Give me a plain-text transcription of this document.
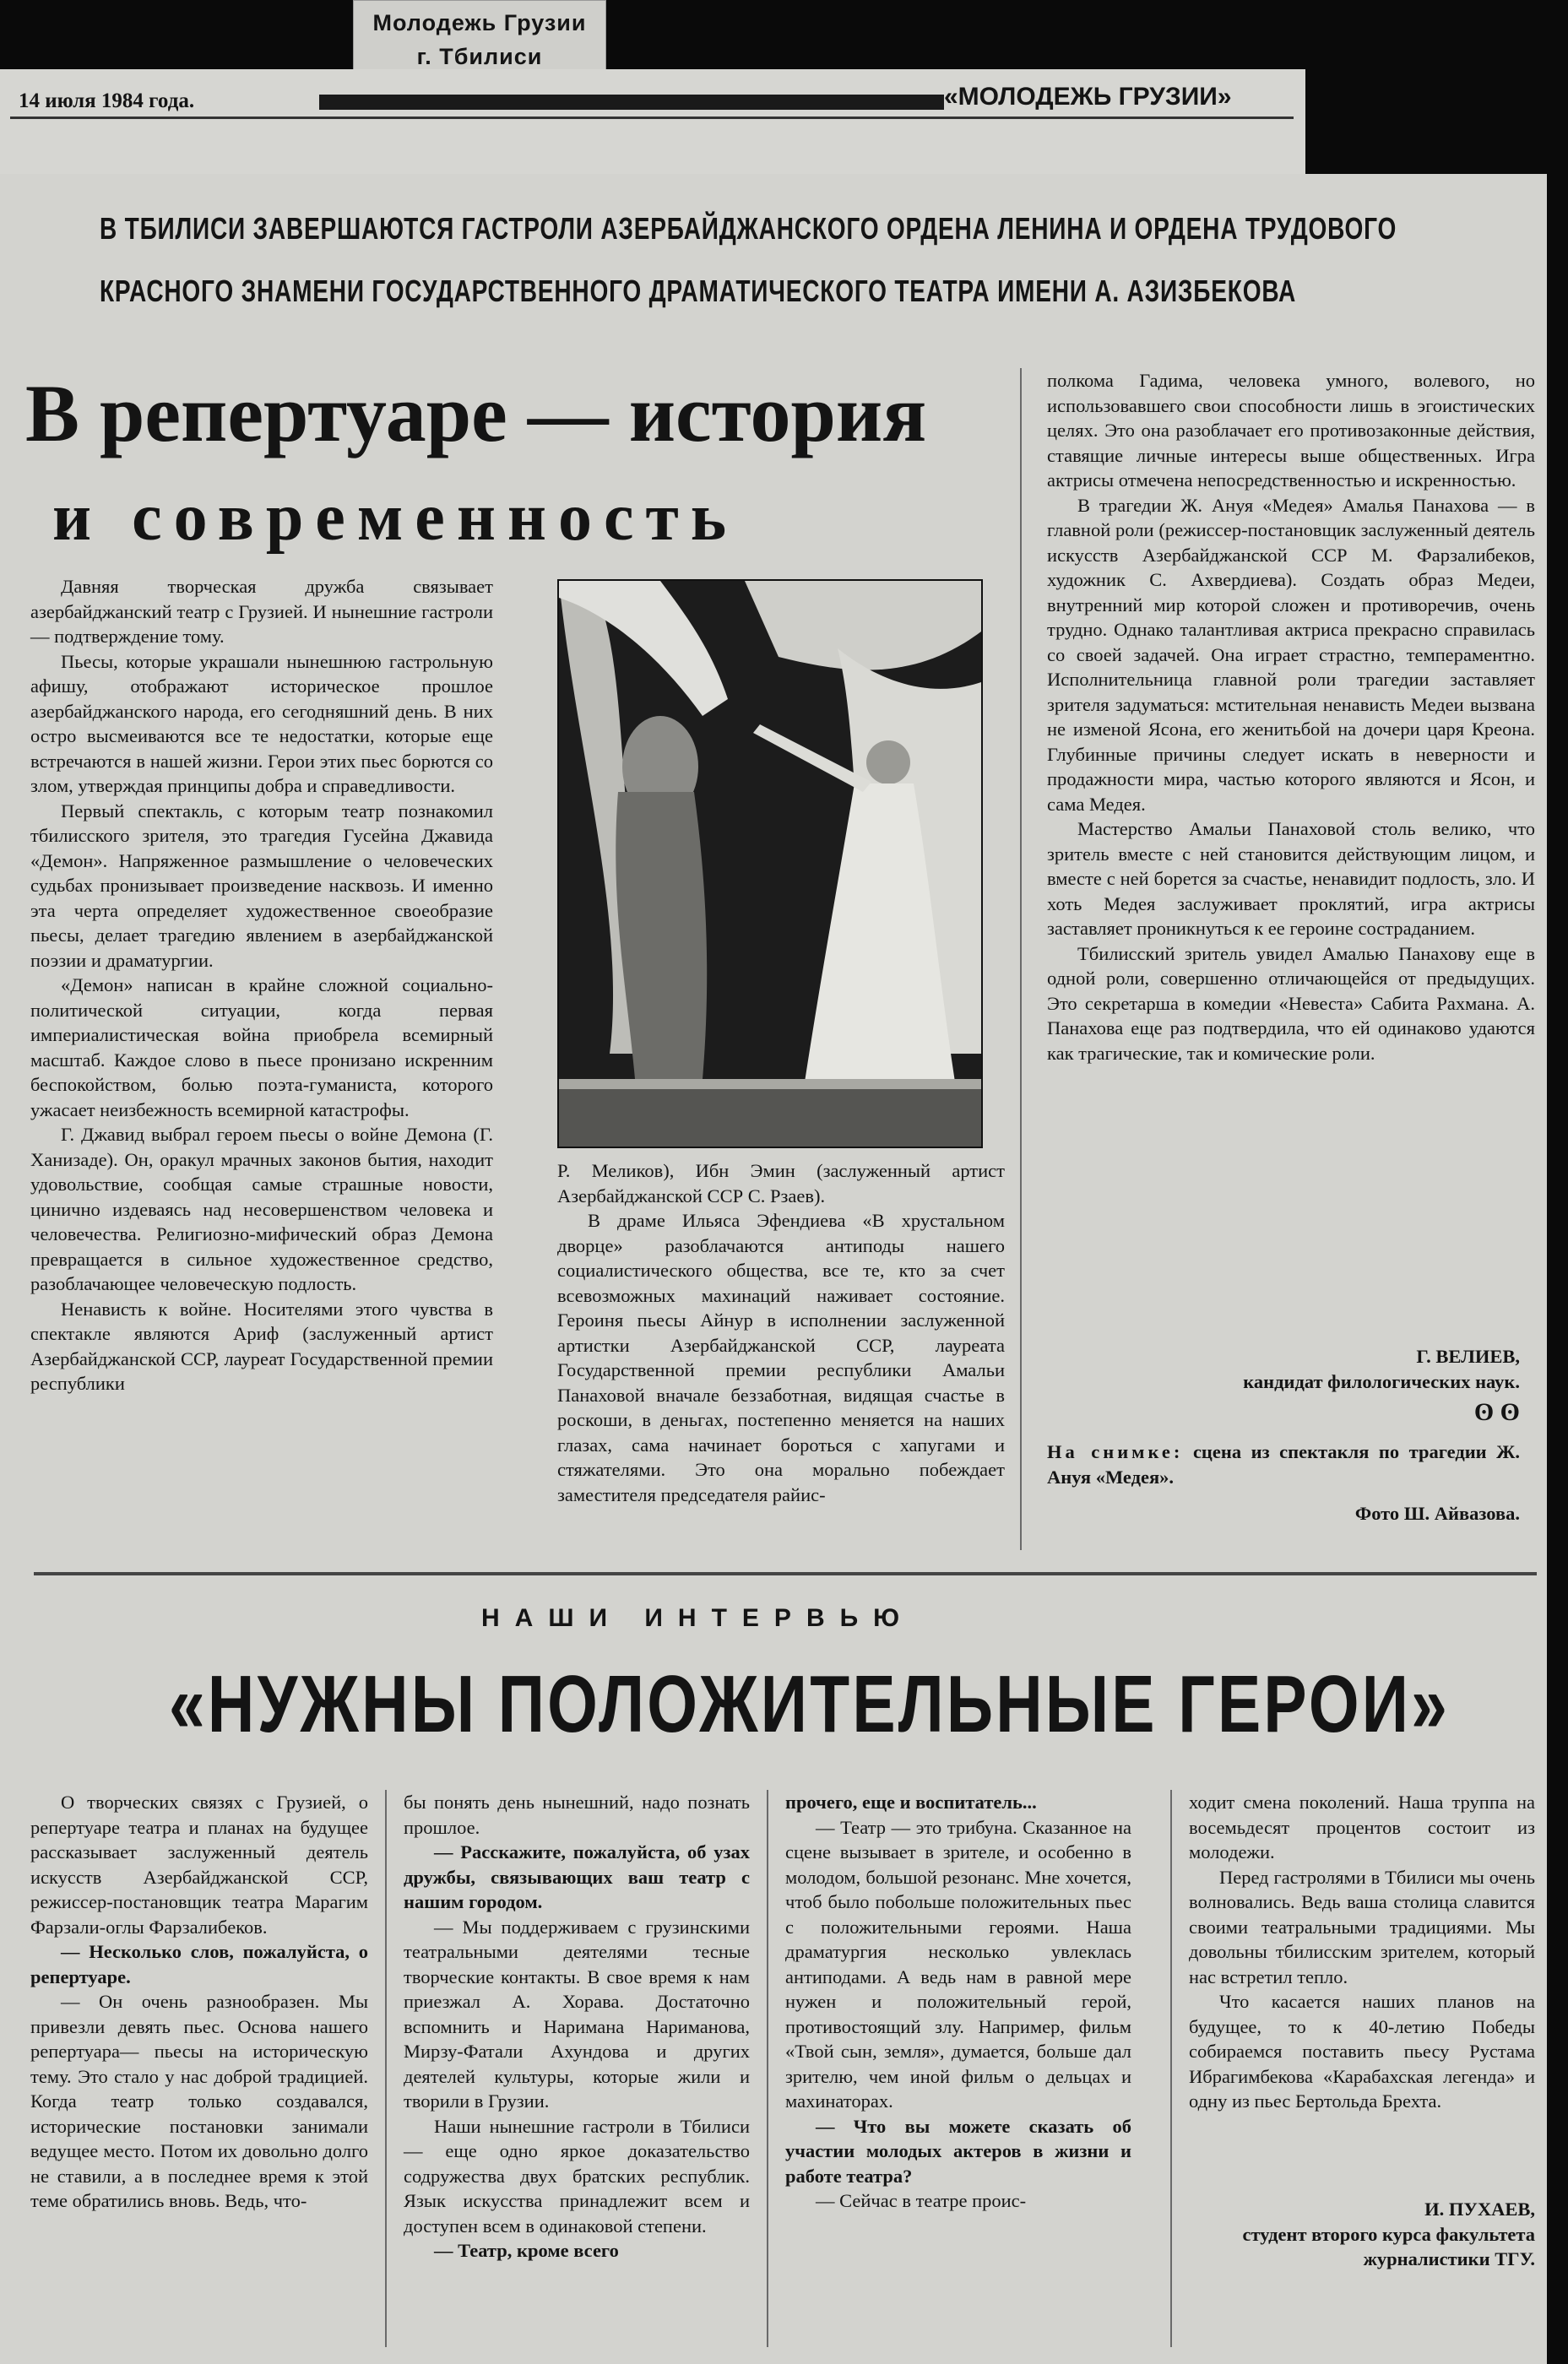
Молодежь Грузии
г. Тбилиси
14 июля 1984 года.	«МОЛОДЕЖЬ ГРУЗИИ»
В ТБИЛИСИ ЗАВЕРШАЮТСЯ ГАСТРОЛИ АЗЕРБАЙДЖАНСКОГО ОРДЕНА ЛЕНИНА И ОРДЕНА ТРУДОВОГО
КРАСНОГО ЗНАМЕНИ ГОСУДАРСТВЕННОГО ДРАМАТИЧЕСКОГО ТЕАТРА ИМЕНИ А. АЗИЗБЕКОВА
В репертуаре — история
и современность

Давняя творческая дружба связывает азербайджанский театр с Грузией. И нынешние гастроли — подтверждение тому.

Пьесы, которые украшали нынешнюю гастрольную афишу, отображают историческое прошлое азербайджанского народа, его сегодняшний день. В них остро высмеиваются все те недостатки, которые еще встречаются в нашей жизни. Герои этих пьес борются со злом, утверждая принципы добра и справедливости.

Первый спектакль, с которым театр познакомил тбилисского зрителя, это трагедия Гусейна Джавида «Демон». Напряженное размышление о человеческих судьбах пронизывает произведение насквозь. И именно эта черта определяет художественное своеобразие пьесы, делает трагедию явлением в азербайджанской поэзии и драматургии.

«Демон» написан в крайне сложной социально-политической ситуации, когда первая империалистическая война приобрела всемирный масштаб. Каждое слово в пьесе пронизано искренним беспокойством, болью поэта-гуманиста, которого ужасает неизбежность всемирной катастрофы.

Г. Джавид выбрал героем пьесы о войне Демона (Г. Ханизаде). Он, оракул мрачных законов бытия, находит удовольствие, сообщая самые страшные новости, цинично издеваясь над несовершенством человека и человечества. Религиозно-мифический образ Демона превращается в сильное художественное средство, разоблачающее человеческую подлость.

Ненависть к войне. Носителями этого чувства в спектакле являются Ариф (заслуженный артист Азербайджанской ССР, лауреат Государственной премии республики

Р. Меликов), Ибн Эмин (заслуженный артист Азербайджанской ССР С. Рзаев).

В драме Ильяса Эфендиева «В хрустальном дворце» разоблачаются антиподы нашего социалистического общества, все те, кто за счет всевозможных махинаций наживает состояние. Героиня пьесы Айнур в исполнении заслуженной артистки Азербайджанской ССР, лауреата Государственной премии республики Амальи Панаховой вначале беззаботная, видящая счастье в роскоши, в деньгах, постепенно меняется на наших глазах, сама начинает бороться с хапугами и стяжателями. Это она морально побеждает заместителя председателя райис-

полкома Гадима, человека умного, волевого, но использовавшего свои способности лишь в эгоистических целях. Это она разоблачает его противозаконные действия, ставящие личные интересы выше общественных. Игра актрисы отмечена непосредственностью и искренностью.

В трагедии Ж. Ануя «Медея» Амалья Панахова — в главной роли (режиссер-постановщик заслуженный деятель искусств Азербайджанской ССР М. Фарзалибеков, художник С. Ахвердиева). Создать образ Медеи, внутренний мир которой сложен и противоречив, очень трудно. Однако талантливая актриса прекрасно справилась со своей задачей. Она играет страстно, темпераментно. Исполнительница главной роли трагедии заставляет зрителя задуматься: мстительная ненависть Медеи вызвана не изменой Ясона, его женитьбой на дочери царя Креона. Глубинные причины следует искать в неверности и продажности мира, частью которого являются и Ясон, и сама Медея.

Мастерство Амальи Панаховой столь велико, что зритель вместе с ней становится действующим лицом, и вместе с ней борется за счастье, ненавидит подлость, зло. И хоть Медея заслуживает проклятий, игра актрисы заставляет проникнуться к ее героине состраданием.

Тбилисский зритель увидел Амалью Панахову еще в одной роли, совершенно отличающейся от предыдущих. Это секретарша в комедии «Невеста» Сабита Рахмана. А. Панахова еще раз подтвердила, что ей одинаково удаются как трагические, так и комические роли.

Г. ВЕЛИЕВ,

кандидат филологических наук.

ʘ ʘ

На снимке: сцена из спектакля по трагедии Ж. Ануя «Медея».

Фото Ш. Айвазова.

НАШИ ИНТЕРВЬЮ
«НУЖНЫ ПОЛОЖИТЕЛЬНЫЕ ГЕРОИ»

О творческих связях с Грузией, о репертуаре театра и планах на будущее рассказывает заслуженный деятель искусств Азербайджанской ССР, режиссер-постановщик театра Марагим Фарзали-оглы Фарзалибеков.

— Несколько слов, пожалуйста, о репертуаре.

— Он очень разнообразен. Мы привезли девять пьес. Основа нашего репертуара— пьесы на историческую тему. Это стало у нас доброй традицией. Когда театр только создавался, исторические постановки занимали ведущее место. Потом их довольно долго не ставили, а в последнее время к этой теме обратились вновь. Ведь, что-

бы понять день нынешний, надо познать прошлое.

— Расскажите, пожалуйста, об узах дружбы, связывающих ваш театр с нашим городом.

— Мы поддерживаем с грузинскими театральными деятелями тесные творческие контакты. В свое время к нам приезжал А. Хорава. Достаточно вспомнить и Наримана Нариманова, Мирзу-Фатали Ахундова и других деятелей культуры, которые жили и творили в Грузии.

Наши нынешние гастроли в Тбилиси — еще одно яркое доказательство содружества двух братских республик. Язык искусства принадлежит всем и доступен всем в одинаковой степени.

— Театр, кроме всего

прочего, еще и воспитатель...

— Театр — это трибуна. Сказанное на сцене вызывает в зрителе, и особенно в молодом, большой резонанс. Мне хочется, чтоб было побольше положительных пьес с положительными героями. Наша драматургия несколько увлеклась антиподами. А ведь нам в равной мере нужен и положительный герой, противостоящий злу. Например, фильм «Твой сын, земля», думается, больше дал зрителю, чем иной фильм о дельцах и махинаторах.

— Что вы можете сказать об участии молодых актеров в жизни и работе театра?

— Сейчас в театре проис-

ходит смена поколений. Наша труппа на восемьдесят процентов состоит из молодежи.

Перед гастролями в Тбилиси мы очень волновались. Ведь ваша столица славится своими театральными традициями. Мы довольны тбилисским зрителем, который нас встретил тепло.

Что касается наших планов на будущее, то к 40-летию Победы собираемся поставить пьесу Рустама Ибрагимбекова «Карабахская легенда» и одну из пьес Бертольда Брехта.

И. ПУХАЕВ,

студент второго курса факультета журналистики ТГУ.
